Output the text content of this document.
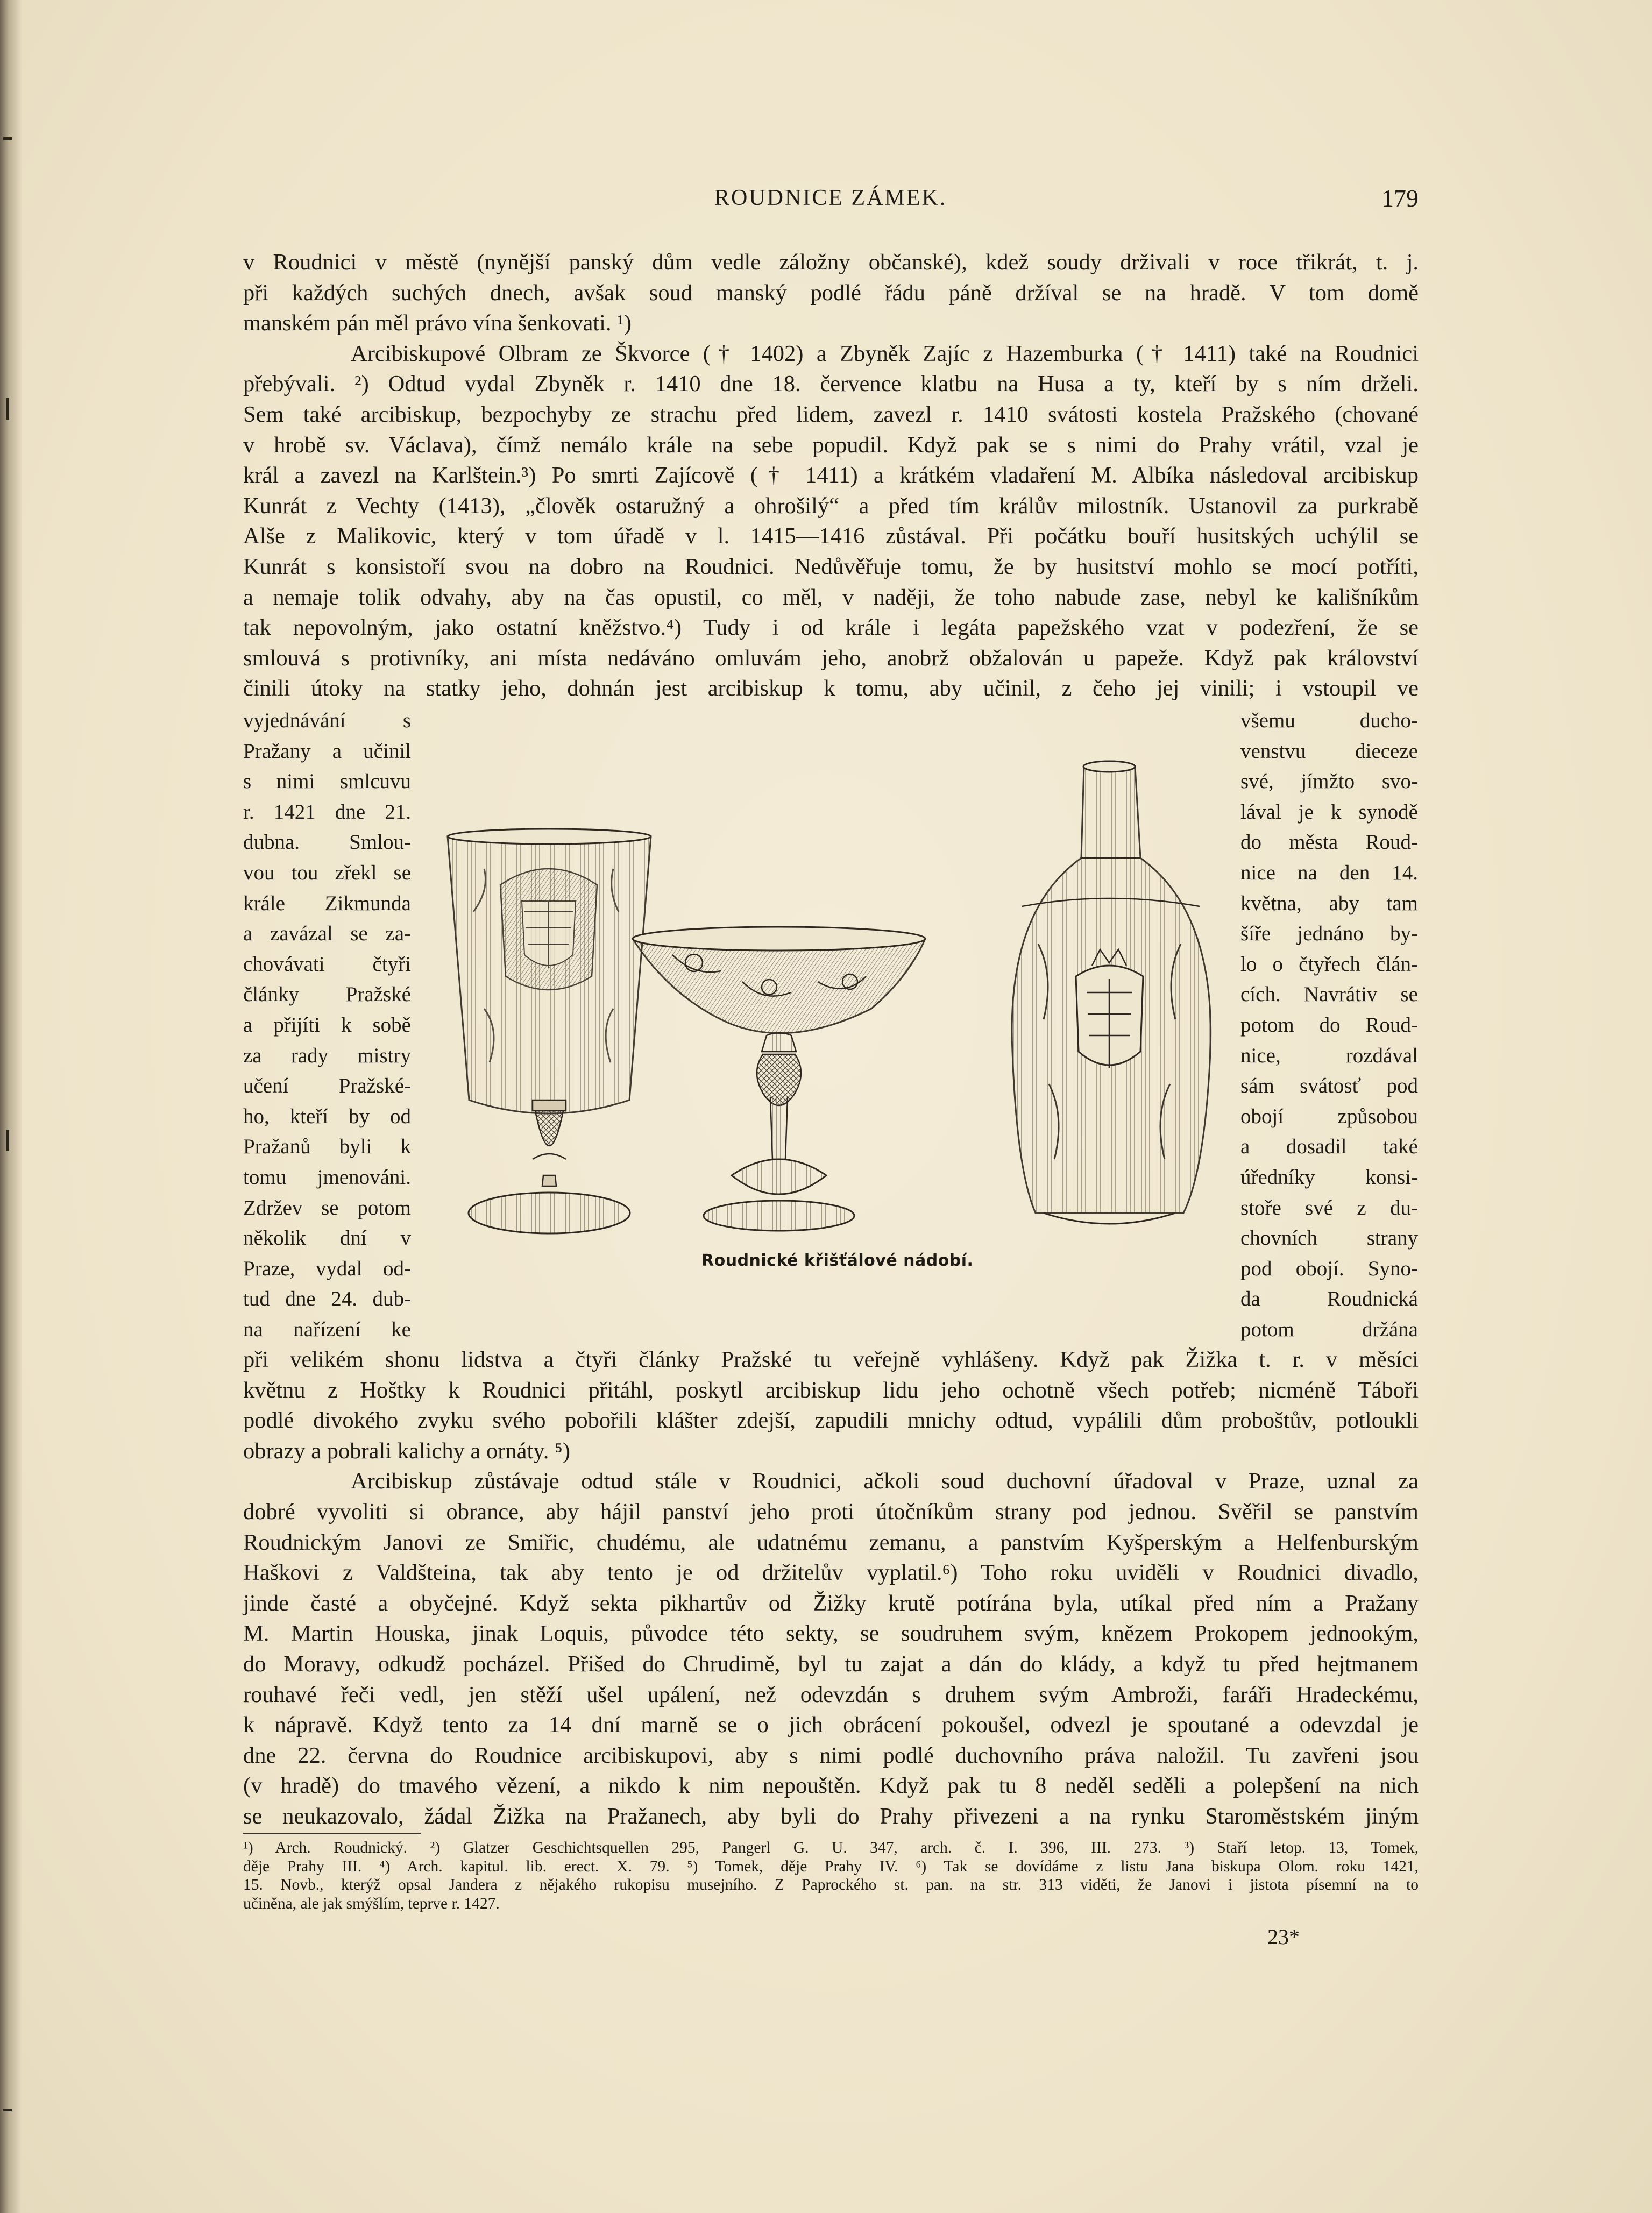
ROUDNICE ZÁMEK.	179
v Roudnici v městě (nynější panský dům vedle záložny občanské), kdež soudy drživali v roce třikrát, t. j.
při každých suchých dnech, avšak soud manský podlé řádu páně držíval se na hradě. V tom domě
manském pán měl právo vína šenkovati. ¹)
Arcibiskupové Olbram ze Škvorce († 1402) a Zbyněk Zajíc z Hazemburka († 1411) také na Roudnici
přebývali. ²) Odtud vydal Zbyněk r. 1410 dne 18. července klatbu na Husa a ty, kteří by s ním drželi.
Sem také arcibiskup, bezpochyby ze strachu před lidem, zavezl r. 1410 svátosti kostela Pražského (chované
v hrobě sv. Václava), čímž nemálo krále na sebe popudil. Když pak se s nimi do Prahy vrátil, vzal je
král a zavezl na Karlštein.³) Po smrti Zajícově († 1411) a krátkém vladaření M. Albíka následoval arcibiskup
Kunrát z Vechty (1413), „člověk ostaružný a ohrošilý“ a před tím králův milostník. Ustanovil za purkrabě
Alše z Malikovic, který v tom úřadě v l. 1415—1416 zůstával. Při počátku bouří husitských uchýlil se
Kunrát s konsistoří svou na dobro na Roudnici. Nedůvěřuje tomu, že by husitství mohlo se mocí potříti,
a nemaje tolik odvahy, aby na čas opustil, co měl, v naději, že toho nabude zase, nebyl ke kališníkům
tak nepovolným, jako ostatní kněžstvo.⁴) Tudy i od krále i legáta papežského vzat v podezření, že se
smlouvá s protivníky, ani místa nedáváno omluvám jeho, anobrž obžalován u papeže. Když pak království
činili útoky na statky jeho, dohnán jest arcibiskup k tomu, aby učinil, z čeho jej vinili; i vstoupil ve
vyjednávání s
Pražany a učinil
s nimi smlcuvu
r. 1421 dne 21.
dubna. Smlou-
vou tou zřekl se
krále Zikmunda
a zavázal se za-
chovávati čtyři
články Pražské
a přijíti k sobě
za rady mistry
učení Pražské-
ho, kteří by od
Pražanů byli k
tomu jmenováni.
Zdržev se potom
několik dní v
Praze, vydal od-
tud dne 24. dub-
na nařízení ke
všemu ducho-
venstvu dieceze
své, jímžto svo-
lával je k synodě
do města Roud-
nice na den 14.
května, aby tam
šíře jednáno by-
lo o čtyřech člán-
cích. Navrátiv se
potom do Roud-
nice, rozdával
sám svátosť pod
obojí způsobou
a dosadil také
úředníky konsi-
stoře své z du-
chovních strany
pod obojí. Syno-
da Roudnická
potom držána
Roudnické křišťálové nádobí.
při velikém shonu lidstva a čtyři články Pražské tu veřejně vyhlášeny. Když pak Žižka t. r. v měsíci
květnu z Hoštky k Roudnici přitáhl, poskytl arcibiskup lidu jeho ochotně všech potřeb; nicméně Táboři
podlé divokého zvyku svého pobořili klášter zdejší, zapudili mnichy odtud, vypálili dům proboštův, potloukli
obrazy a pobrali kalichy a ornáty. ⁵)
Arcibiskup zůstávaje odtud stále v Roudnici, ačkoli soud duchovní úřadoval v Praze, uznal za
dobré vyvoliti si obrance, aby hájil panství jeho proti útočníkům strany pod jednou. Svěřil se panstvím
Roudnickým Janovi ze Smiřic, chudému, ale udatnému zemanu, a panstvím Kyšperským a Helfenburským
Haškovi z Valdšteina, tak aby tento je od držitelův vyplatil.⁶) Toho roku uviděli v Roudnici divadlo,
jinde časté a obyčejné. Když sekta pikhartův od Žižky krutě potírána byla, utíkal před ním a Pražany
M. Martin Houska, jinak Loquis, původce této sekty, se soudruhem svým, knězem Prokopem jednookým,
do Moravy, odkudž pocházel. Přišed do Chrudimě, byl tu zajat a dán do klády, a když tu před hejtmanem
rouhavé řeči vedl, jen stěží ušel upálení, než odevzdán s druhem svým Ambroži, faráři Hradeckému,
k nápravě. Když tento za 14 dní marně se o jich obrácení pokoušel, odvezl je spoutané a odevzdal je
dne 22. června do Roudnice arcibiskupovi, aby s nimi podlé duchovního práva naložil. Tu zavřeni jsou
(v hradě) do tmavého vězení, a nikdo k nim nepouštěn. Když pak tu 8 neděl seděli a polepšení na nich
se neukazovalo, žádal Žižka na Pražanech, aby byli do Prahy přivezeni a na rynku Staroměstském jiným
¹) Arch. Roudnický. ²) Glatzer Geschichtsquellen 295, Pangerl G. U. 347, arch. č. I. 396, III. 273. ³) Staří letop. 13, Tomek,
děje Prahy III. ⁴) Arch. kapitul. lib. erect. X. 79. ⁵) Tomek, děje Prahy IV. ⁶) Tak se dovídáme z listu Jana biskupa Olom. roku 1421,
15. Novb., kterýž opsal Jandera z nějakého rukopisu musejního. Z Paprockého st. pan. na str. 313 viděti, že Janovi i jistota písemní na to
učiněna, ale jak smýšlím, teprve r. 1427.
23*
